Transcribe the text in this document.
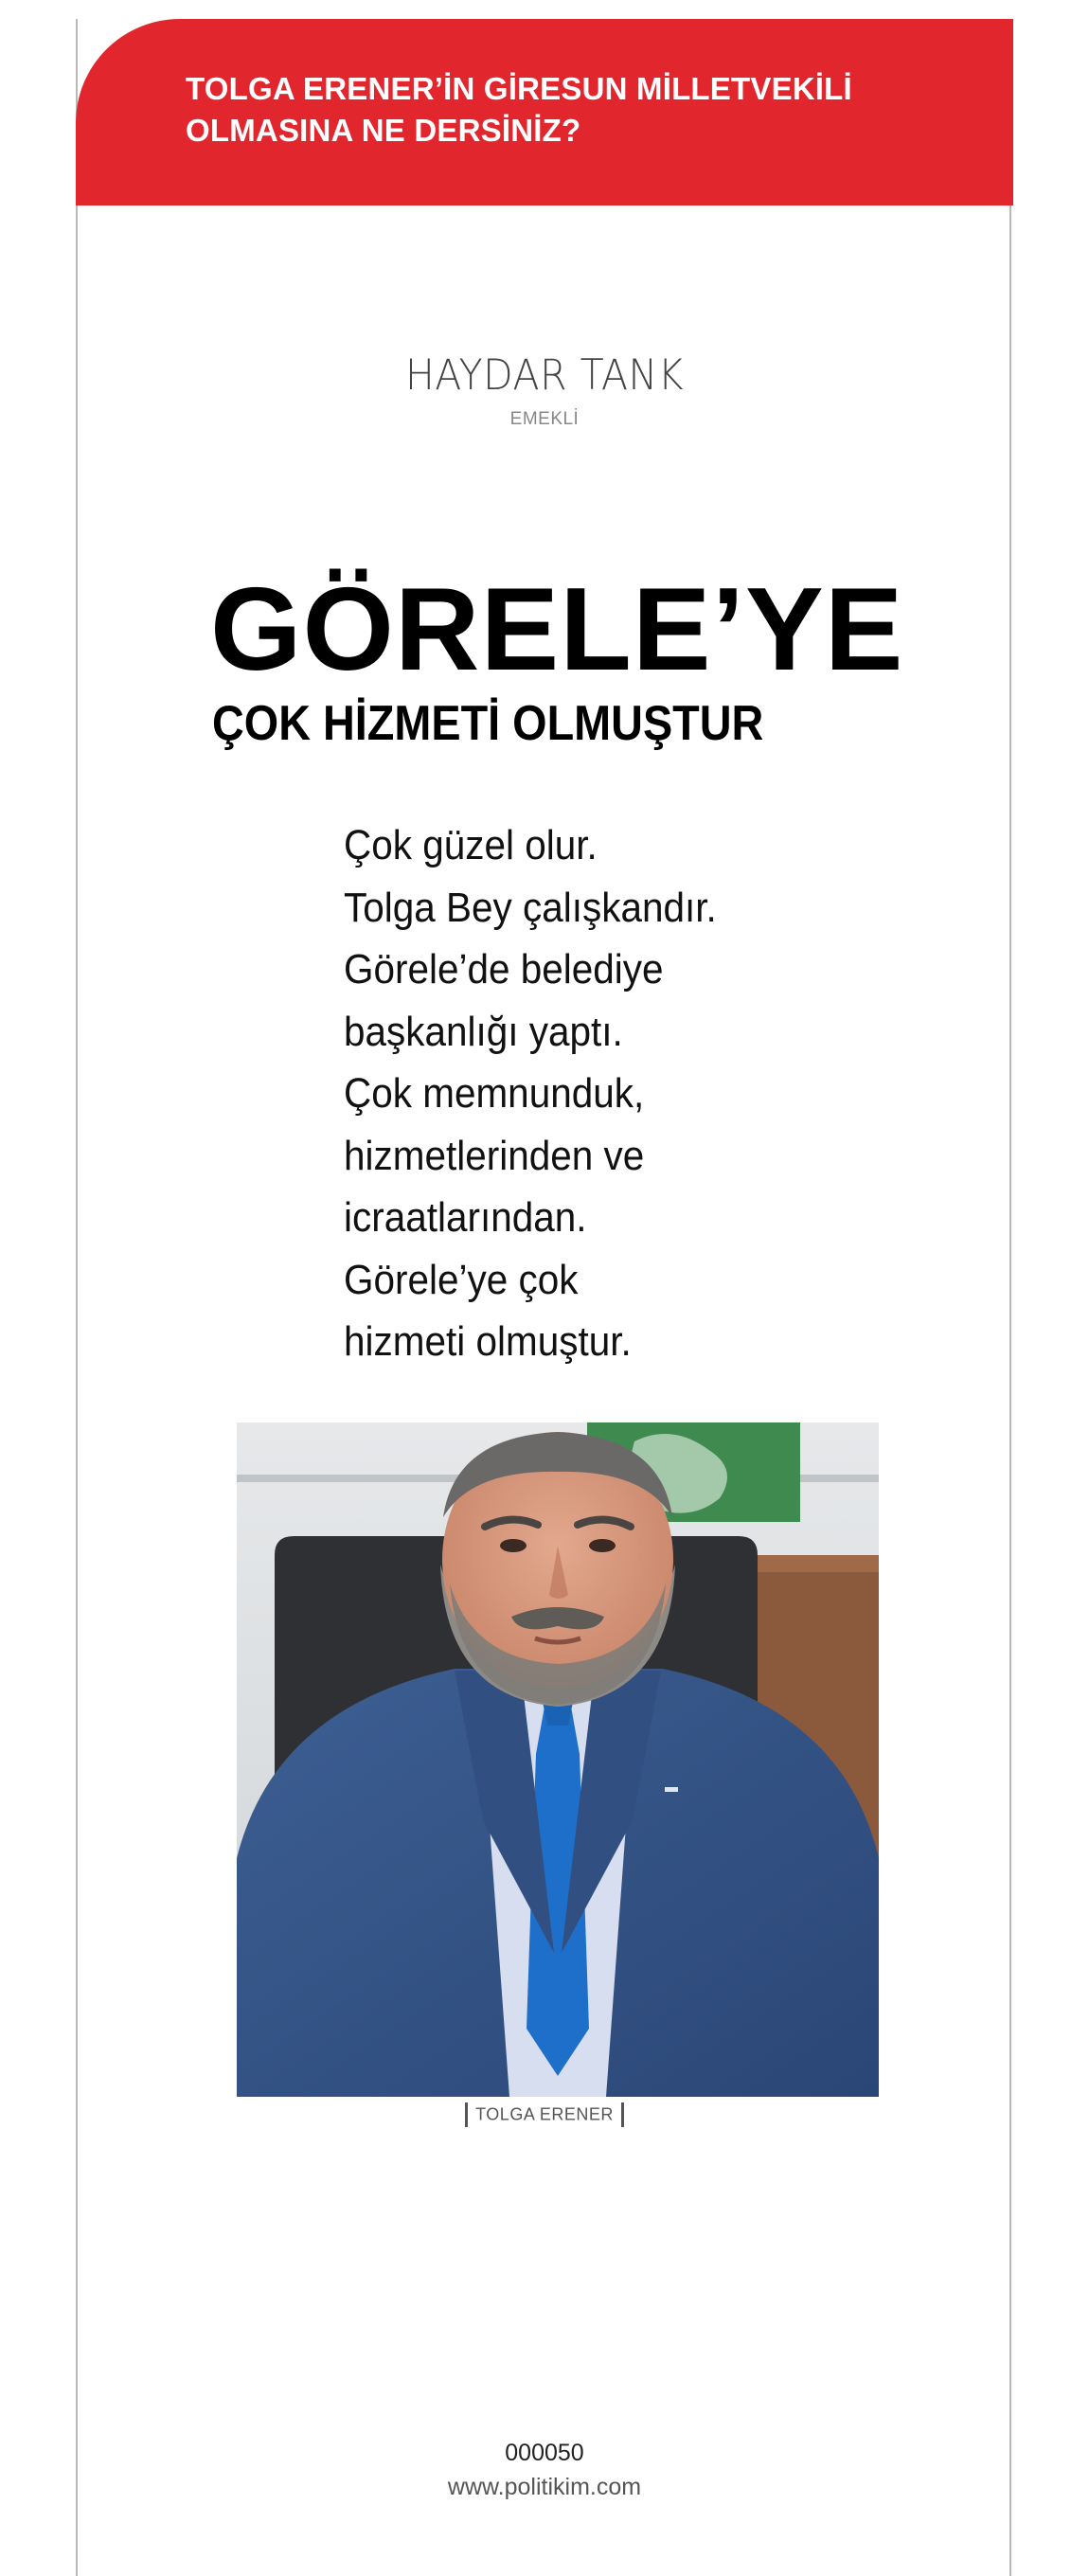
TOLGA ERENER’İN GİRESUN MİLLETVEKİLİ
OLMASINA NE DERSİNİZ?
HAYDAR TANK
EMEKLİ
GÖRELE’YE
ÇOK HİZMETİ OLMUŞTUR
Çok güzel olur.
Tolga Bey çalışkandır.
Görele’de belediye
başkanlığı yaptı.
Çok memnunduk,
hizmetlerinden ve
icraatlarından.
Görele’ye çok
hizmeti olmuştur.
TOLGA ERENER
000050
www.politikim.com
